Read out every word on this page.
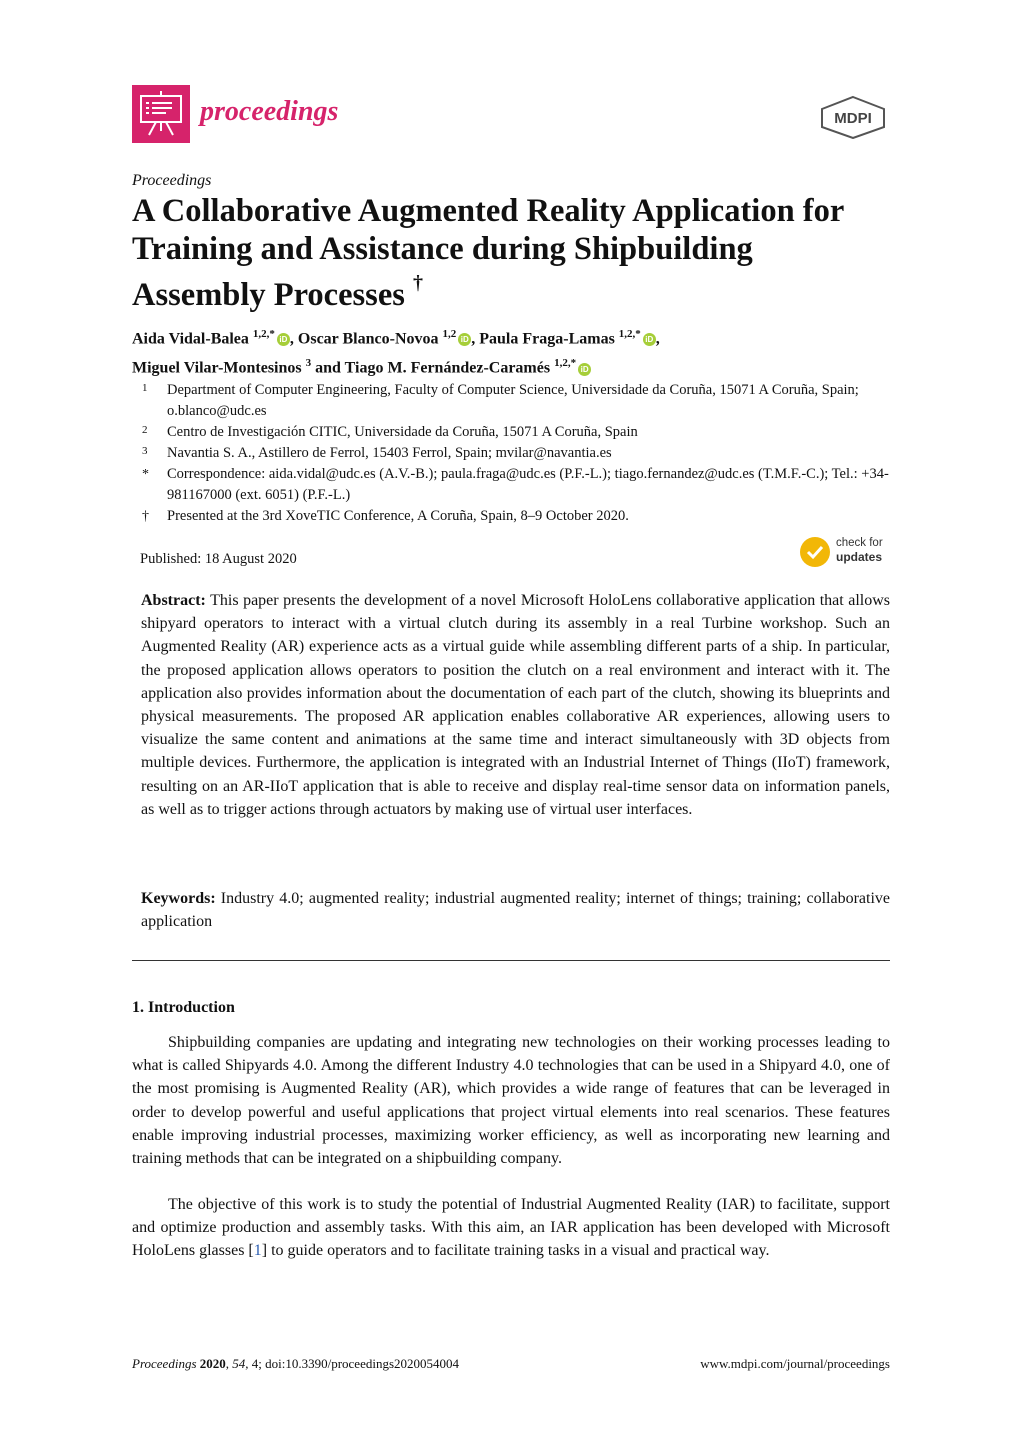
proceedings	MDPI
Proceedings
A Collaborative Augmented Reality Application for Training and Assistance during Shipbuilding Assembly Processes †
Aida Vidal-Balea $^{1,2,*}$ iD , Oscar Blanco-Novoa $^{1,2}$ iD , Paula Fraga-Lamas $^{1,2,*}$ iD ,
Miguel Vilar-Montesinos $^3$ and Tiago M. Fernández-Caramés $^{1,2,*}$ iD
1	Department of Computer Engineering, Faculty of Computer Science, Universidade da Coruña, 15071 A Coruña, Spain; o.blanco@udc.es
2	Centro de Investigación CITIC, Universidade da Coruña, 15071 A Coruña, Spain
3	Navantia S. A., Astillero de Ferrol, 15403 Ferrol, Spain; mvilar@navantia.es
*	Correspondence: aida.vidal@udc.es (A.V.-B.); paula.fraga@udc.es (P.F.-L.); tiago.fernandez@udc.es (T.M.F.-C.); Tel.: +34-981167000 (ext. 6051) (P.F.-L.)
†	Presented at the 3rd XoveTIC Conference, A Coruña, Spain, 8–9 October 2020.
Published: 18 August 2020
check for
updates
Abstract: This paper presents the development of a novel Microsoft HoloLens collaborative application that allows shipyard operators to interact with a virtual clutch during its assembly in a real Turbine workshop. Such an Augmented Reality (AR) experience acts as a virtual guide while assembling different parts of a ship. In particular, the proposed application allows operators to position the clutch on a real environment and interact with it. The application also provides information about the documentation of each part of the clutch, showing its blueprints and physical measurements. The proposed AR application enables collaborative AR experiences, allowing users to visualize the same content and animations at the same time and interact simultaneously with 3D objects from multiple devices. Furthermore, the application is integrated with an Industrial Internet of Things (IIoT) framework, resulting on an AR-IIoT application that is able to receive and display real-time sensor data on information panels, as well as to trigger actions through actuators by making use of virtual user interfaces.
Keywords: Industry 4.0; augmented reality; industrial augmented reality; internet of things; training; collaborative application
1. Introduction
Shipbuilding companies are updating and integrating new technologies on their working processes leading to what is called Shipyards 4.0. Among the different Industry 4.0 technologies that can be used in a Shipyard 4.0, one of the most promising is Augmented Reality (AR), which provides a wide range of features that can be leveraged in order to develop powerful and useful applications that project virtual elements into real scenarios. These features enable improving industrial processes, maximizing worker efficiency, as well as incorporating new learning and training methods that can be integrated on a shipbuilding company.
The objective of this work is to study the potential of Industrial Augmented Reality (IAR) to facilitate, support and optimize production and assembly tasks. With this aim, an IAR application has been developed with Microsoft HoloLens glasses [1] to guide operators and to facilitate training tasks in a visual and practical way.
Proceedings 2020, 54, 4; doi:10.3390/proceedings2020054004	www.mdpi.com/journal/proceedings
